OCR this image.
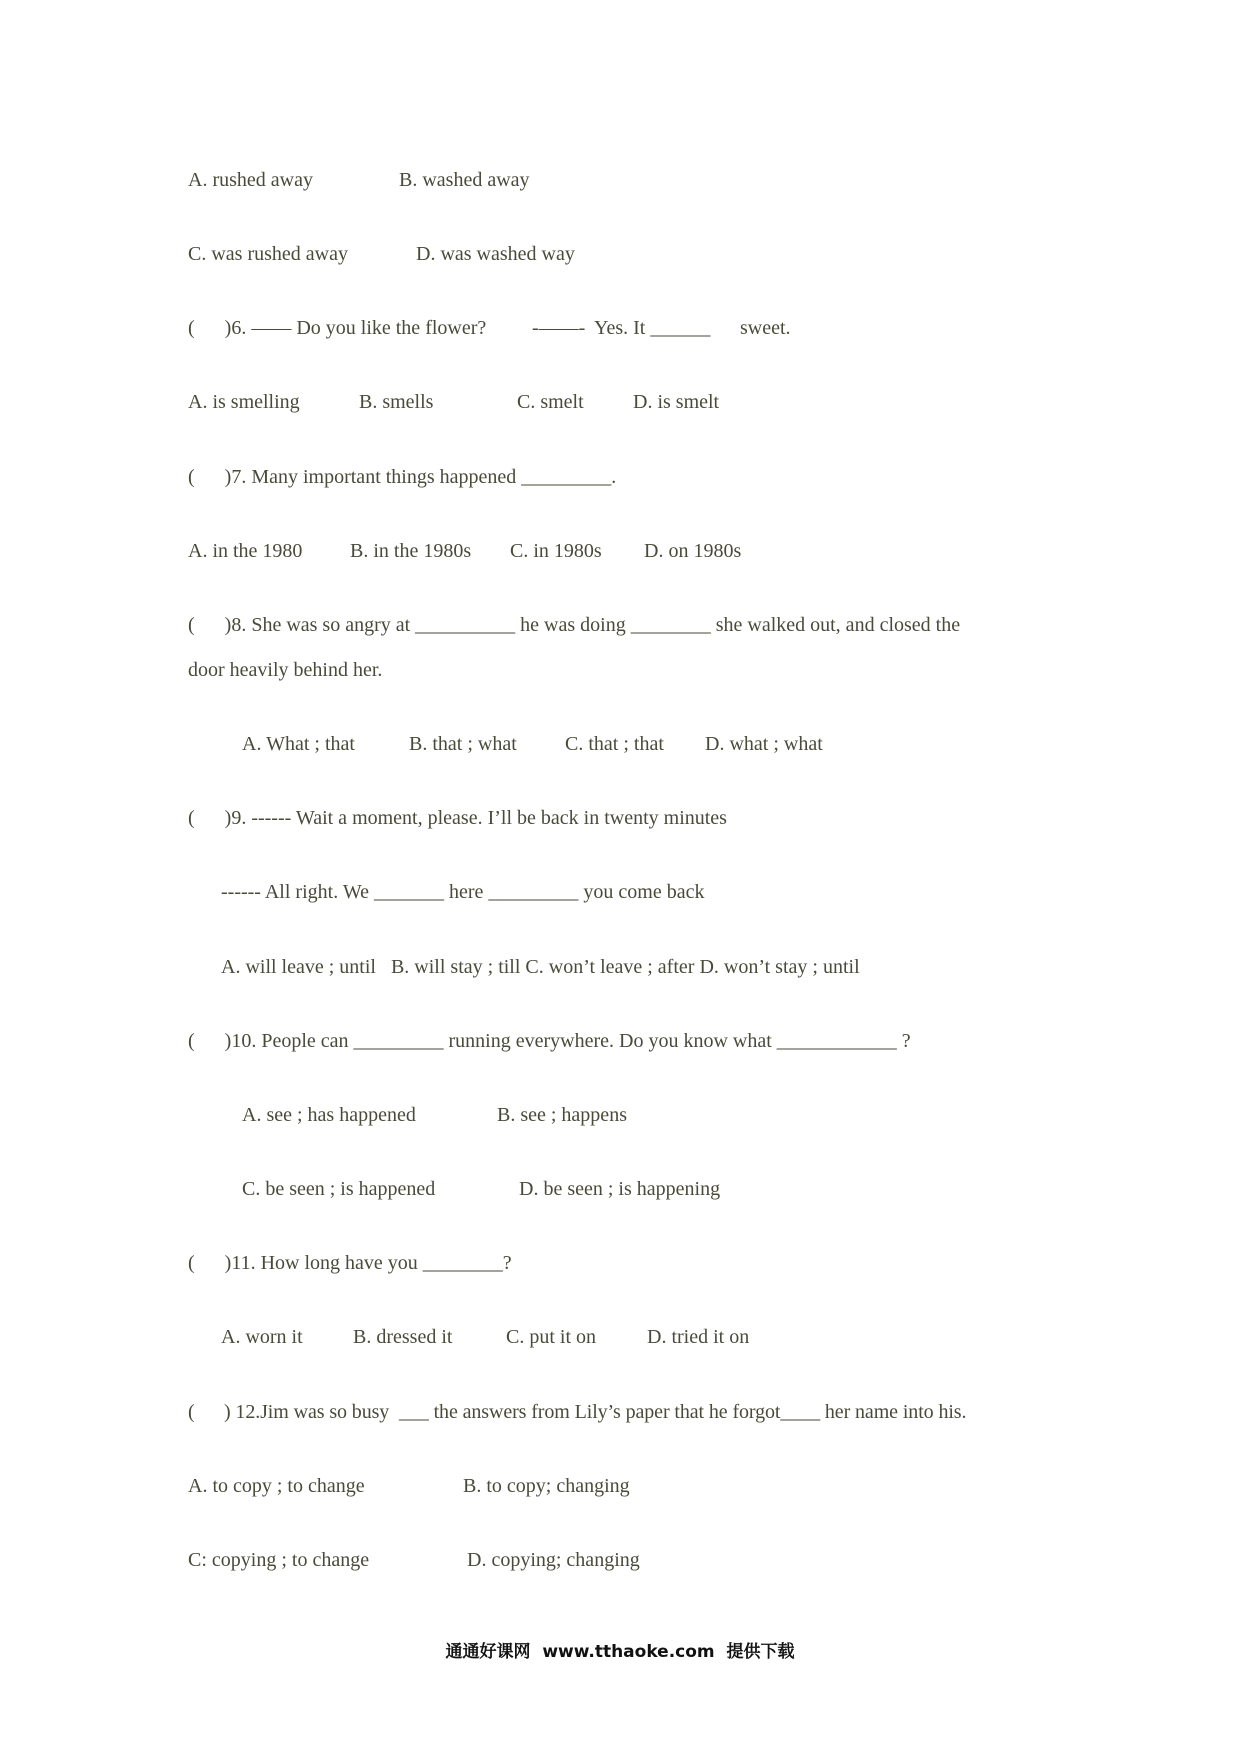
A. rushed away

	B. washed away

C. was rushed away

	D. was washed way

(      )6. —— Do you like the flower?

-——-

Yes. It ______

sweet.

A. is smelling

	B. smells

	C. smelt

D. is smelt

(      )7. Many important things happened _________.

A. in the 1980

B. in the 1980s

C. in 1980s

D. on 1980s

(      )8. She was so angry at __________ he was doing ________ she walked out, and closed the

door heavily behind her.

A. What ; that

	B. that ; what

C. that ; that

D. what ; what

(      )9. ------ Wait a moment, please. I’ll be back in twenty minutes

------ All right. We _______ here _________ you come back

A. will leave ; until   B. will stay ; till C. won’t leave ; after D. won’t stay ; until

(      )10. People can _________ running everywhere. Do you know what ____________ ?

A. see ; has happened

	B. see ; happens

C. be seen ; is happened

	D. be seen ; is happening

(      )11. How long have you ________?

A. worn it

	B. dressed it

	C. put it on

	D. tried it on

(      ) 12.Jim was so busy  ___ the answers from Lily’s paper that he forgot____ her name into his.

A. to copy ; to change

	B. to copy; changing

C: copying ; to change

	D. copying; changing

通通好课网  www.tthaoke.com  提供下载
